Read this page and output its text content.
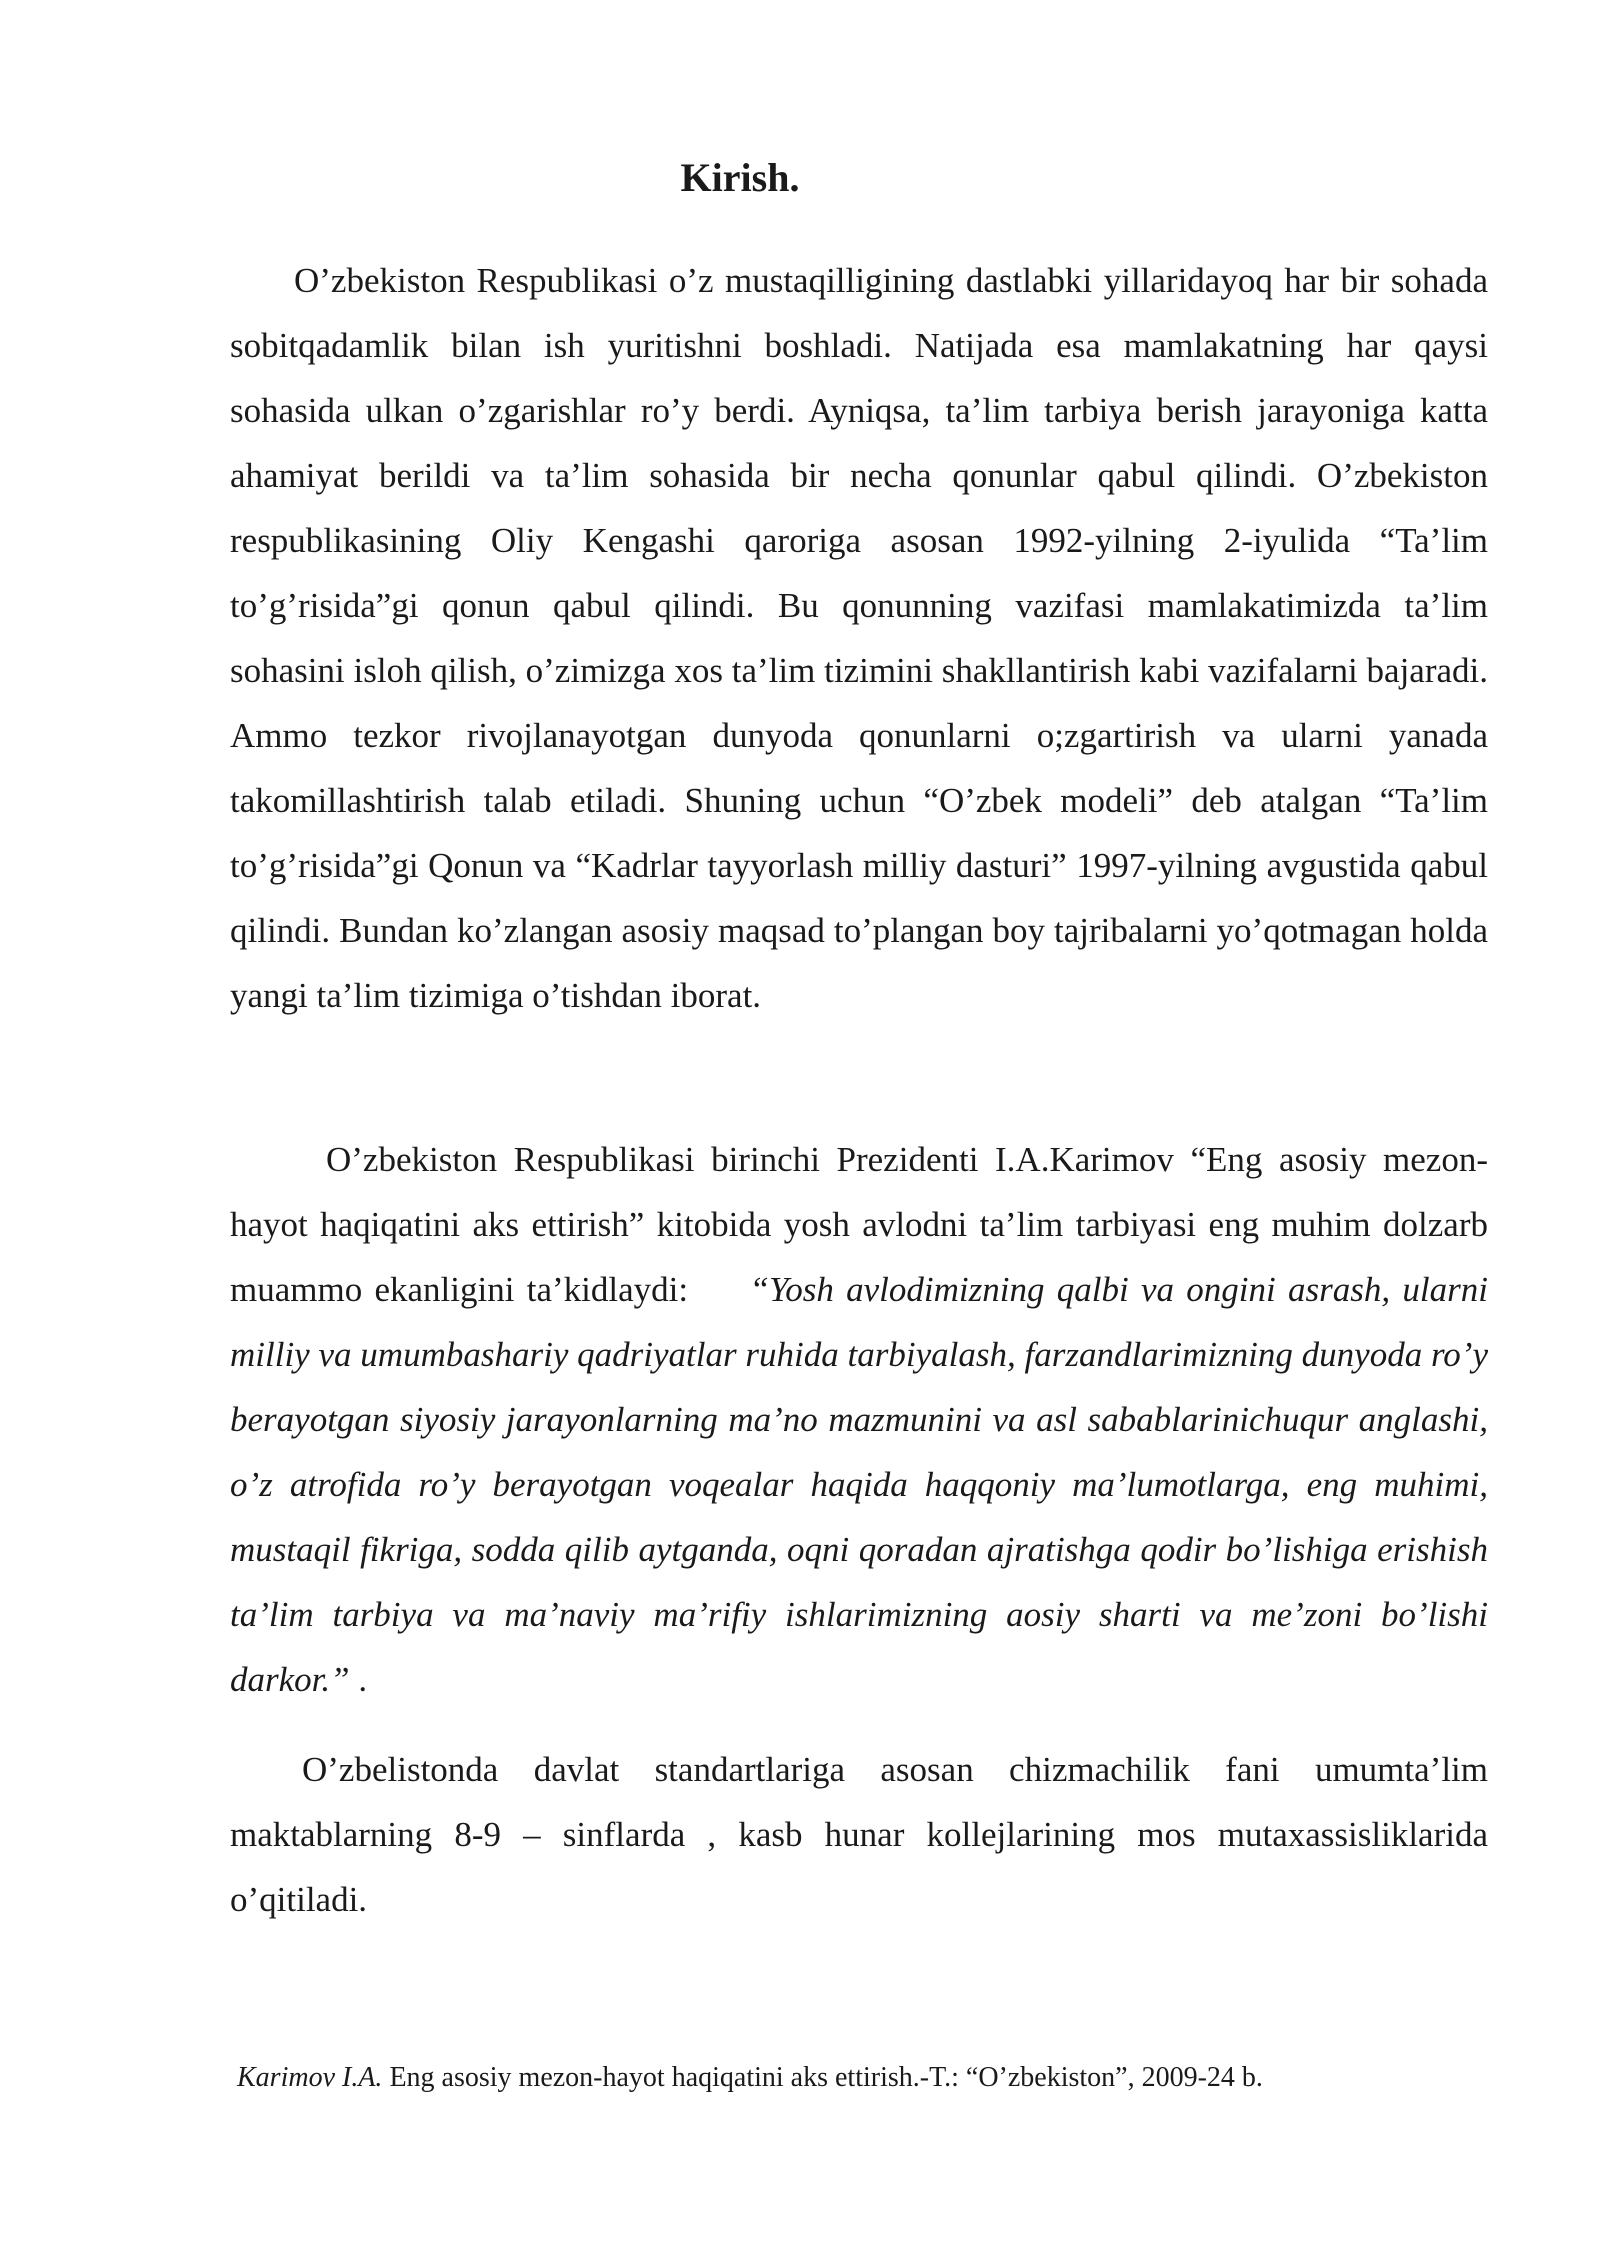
Kirish.

O’zbekiston Respublikasi o’z mustaqilligining dastlabki yillaridayoq har bir sohada sobitqadamlik bilan ish yuritishni boshladi. Natijada esa mamlakatning har qaysi sohasida ulkan o’zgarishlar ro’y berdi. Ayniqsa, ta’lim tarbiya berish jarayoniga katta ahamiyat berildi va ta’lim sohasida bir necha qonunlar qabul qilindi. O’zbekiston respublikasining Oliy Kengashi qaroriga asosan 1992-yilning 2-iyulida “Ta’lim to’g’risida”gi qonun qabul qilindi. Bu qonunning vazifasi mamlakatimizda ta’lim sohasini isloh qilish, o’zimizga xos ta’lim tizimini shakllantirish kabi vazifalarni bajaradi. Ammo tezkor rivojlanayotgan dunyoda qonunlarni o;zgartirish va ularni yanada takomillashtirish talab etiladi. Shuning uchun “O’zbek modeli” deb atalgan “Ta’lim to’g’risida”gi Qonun va “Kadrlar tayyorlash milliy dasturi” 1997-yilning avgustida qabul qilindi. Bundan ko’zlangan asosiy maqsad to’plangan boy tajribalarni yo’qotmagan holda yangi ta’lim tizimiga o’tishdan iborat.

O’zbekiston Respublikasi birinchi Prezidenti I.A.Karimov “Eng asosiy mezon- hayot haqiqatini aks ettirish” kitobida yosh avlodni ta’lim tarbiyasi eng muhim dolzarb muammo ekanligini ta’kidlaydi:     “Yosh avlodimizning qalbi va ongini asrash, ularni milliy va umumbashariy qadriyatlar ruhida tarbiyalash, farzandlarimizning dunyoda ro’y berayotgan siyosiy jarayonlarning ma’no mazmunini va asl sabablarinichuqur anglashi, o’z atrofida ro’y berayotgan voqealar haqida haqqoniy ma’lumotlarga, eng muhimi, mustaqil fikriga, sodda qilib aytganda, oqni qoradan ajratishga qodir bo’lishiga erishish ta’lim tarbiya va ma’naviy ma’rifiy ishlarimizning aosiy sharti va me’zoni bo’lishi darkor.” .

O’zbelistonda davlat standartlariga asosan chizmachilik fani umumta’lim maktablarning 8-9 – sinflarda , kasb hunar kollejlarining mos mutaxassisliklarida o’qitiladi.

Karimov I.A. Eng asosiy mezon-hayot haqiqatini aks ettirish.-T.: “O’zbekiston”, 2009-24 b.
